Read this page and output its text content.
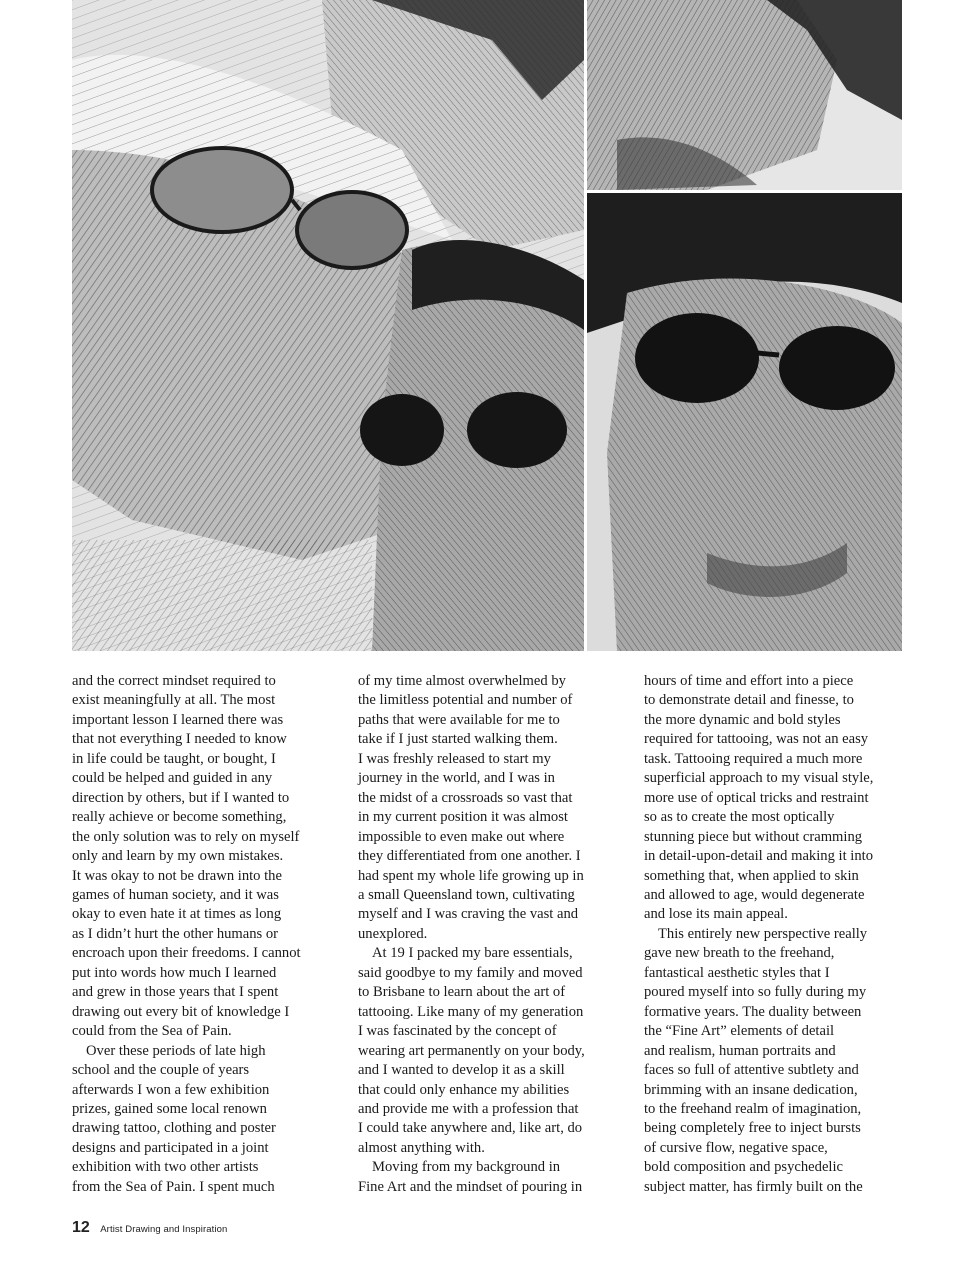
and the correct mindset required to

exist meaningfully at all. The most

important lesson I learned there was

that not everything I needed to know

in life could be taught, or bought, I

could be helped and guided in any

direction by others, but if I wanted to

really achieve or become something,

the only solution was to rely on myself

only and learn by my own mistakes.

It was okay to not be drawn into the

games of human society, and it was

okay to even hate it at times as long

as I didn’t hurt the other humans or

encroach upon their freedoms. I cannot

put into words how much I learned

and grew in those years that I spent

drawing out every bit of knowledge I

could from the Sea of Pain.

Over these periods of late high

school and the couple of years

afterwards I won a few exhibition

prizes, gained some local renown

drawing tattoo, clothing and poster

designs and participated in a joint

exhibition with two other artists

from the Sea of Pain. I spent much

of my time almost overwhelmed by

the limitless potential and number of

paths that were available for me to

take if I just started walking them.

I was freshly released to start my

journey in the world, and I was in

the midst of a crossroads so vast that

in my current position it was almost

impossible to even make out where

they differentiated from one another. I

had spent my whole life growing up in

a small Queensland town, cultivating

myself and I was craving the vast and

unexplored.

At 19 I packed my bare essentials,

said goodbye to my family and moved

to Brisbane to learn about the art of

tattooing. Like many of my generation

I was fascinated by the concept of

wearing art permanently on your body,

and I wanted to develop it as a skill

that could only enhance my abilities

and provide me with a profession that

I could take anywhere and, like art, do

almost anything with.

Moving from my background in

Fine Art and the mindset of pouring in

hours of time and effort into a piece

to demonstrate detail and finesse, to

the more dynamic and bold styles

required for tattooing, was not an easy

task. Tattooing required a much more

superficial approach to my visual style,

more use of optical tricks and restraint

so as to create the most optically

stunning piece but without cramming

in detail-upon-detail and making it into

something that, when applied to skin

and allowed to age, would degenerate

and lose its main appeal.

This entirely new perspective really

gave new breath to the freehand,

fantastical aesthetic styles that I

poured myself into so fully during my

formative years. The duality between

the “Fine Art” elements of detail

and realism, human portraits and

faces so full of attentive subtlety and

brimming with an insane dedication,

to the freehand realm of imagination,

being completely free to inject bursts

of cursive flow, negative space,

bold composition and psychedelic

subject matter, has firmly built on the

12 Artist Drawing and Inspiration
